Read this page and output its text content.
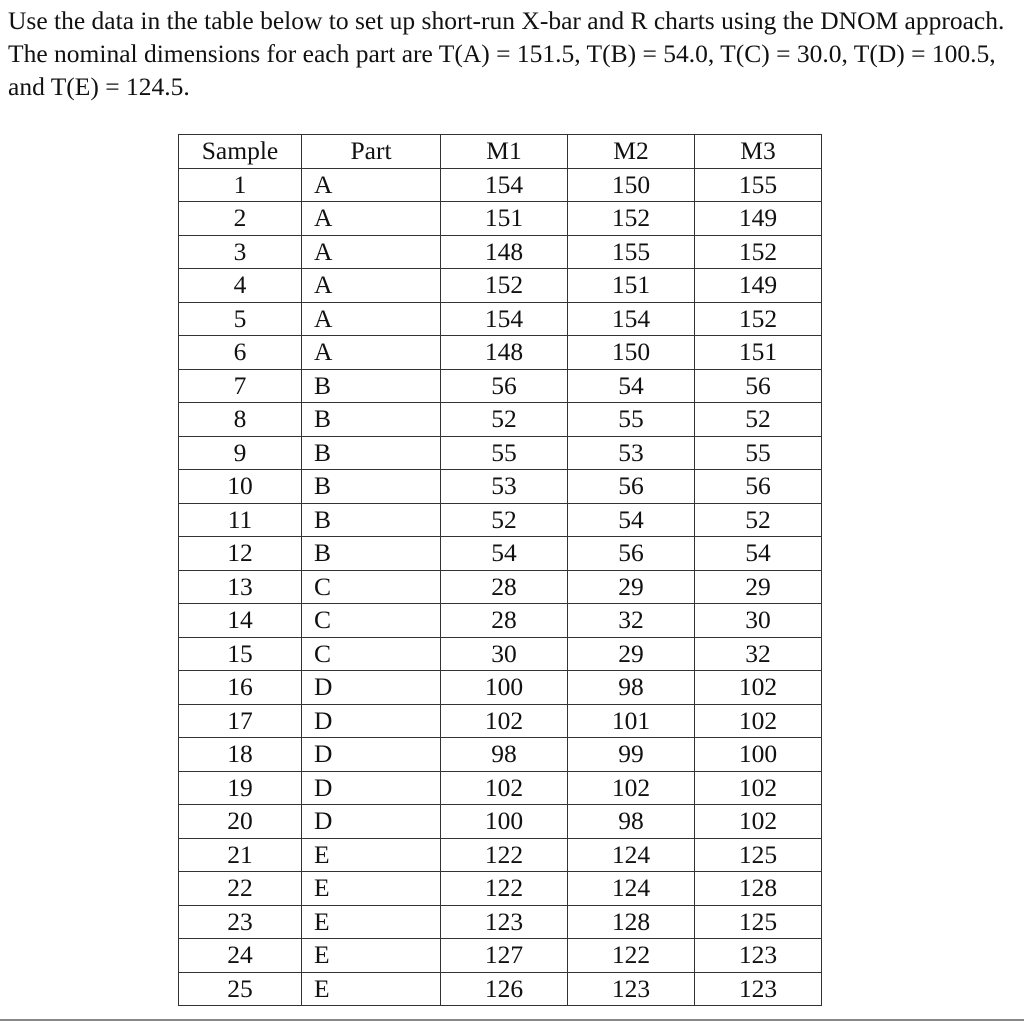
Use the data in the table below to set up short-run X-bar and R charts using the DNOM approach. The nominal dimensions for each part are T(A) = 151.5, T(B) = 54.0, T(C) = 30.0, T(D) = 100.5, and T(E) = 124.5.

Sample	Part	M1	M2	M3
1	A	154	150	155
2	A	151	152	149
3	A	148	155	152
4	A	152	151	149
5	A	154	154	152
6	A	148	150	151
7	B	56	54	56
8	B	52	55	52
9	B	55	53	55
10	B	53	56	56
11	B	52	54	52
12	B	54	56	54
13	C	28	29	29
14	C	28	32	30
15	C	30	29	32
16	D	100	98	102
17	D	102	101	102
18	D	98	99	100
19	D	102	102	102
20	D	100	98	102
21	E	122	124	125
22	E	122	124	128
23	E	123	128	125
24	E	127	122	123
25	E	126	123	123
